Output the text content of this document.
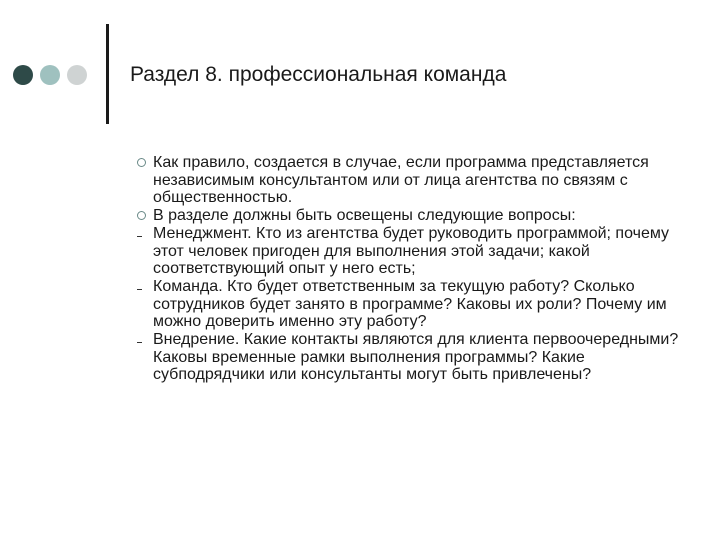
Раздел 8. профессиональная команда
Как правило, создается в случае, если программа представляется независимым консультантом или от лица агентства по связям с общественностью.
В разделе должны быть освещены следующие вопросы:
Менеджмент. Кто из агентства будет руководить программой; почему этот человек пригоден для выполнения этой задачи; какой соответствующий опыт у него есть;
Команда. Кто будет ответственным за текущую работу? Сколько сотрудников будет занято в программе? Каковы их роли? Почему им можно доверить именно эту работу?
Внедрение. Какие контакты являются для клиента первоочередными? Каковы временные рамки выполнения программы? Какие субподрядчики или консультанты могут быть привлечены?
